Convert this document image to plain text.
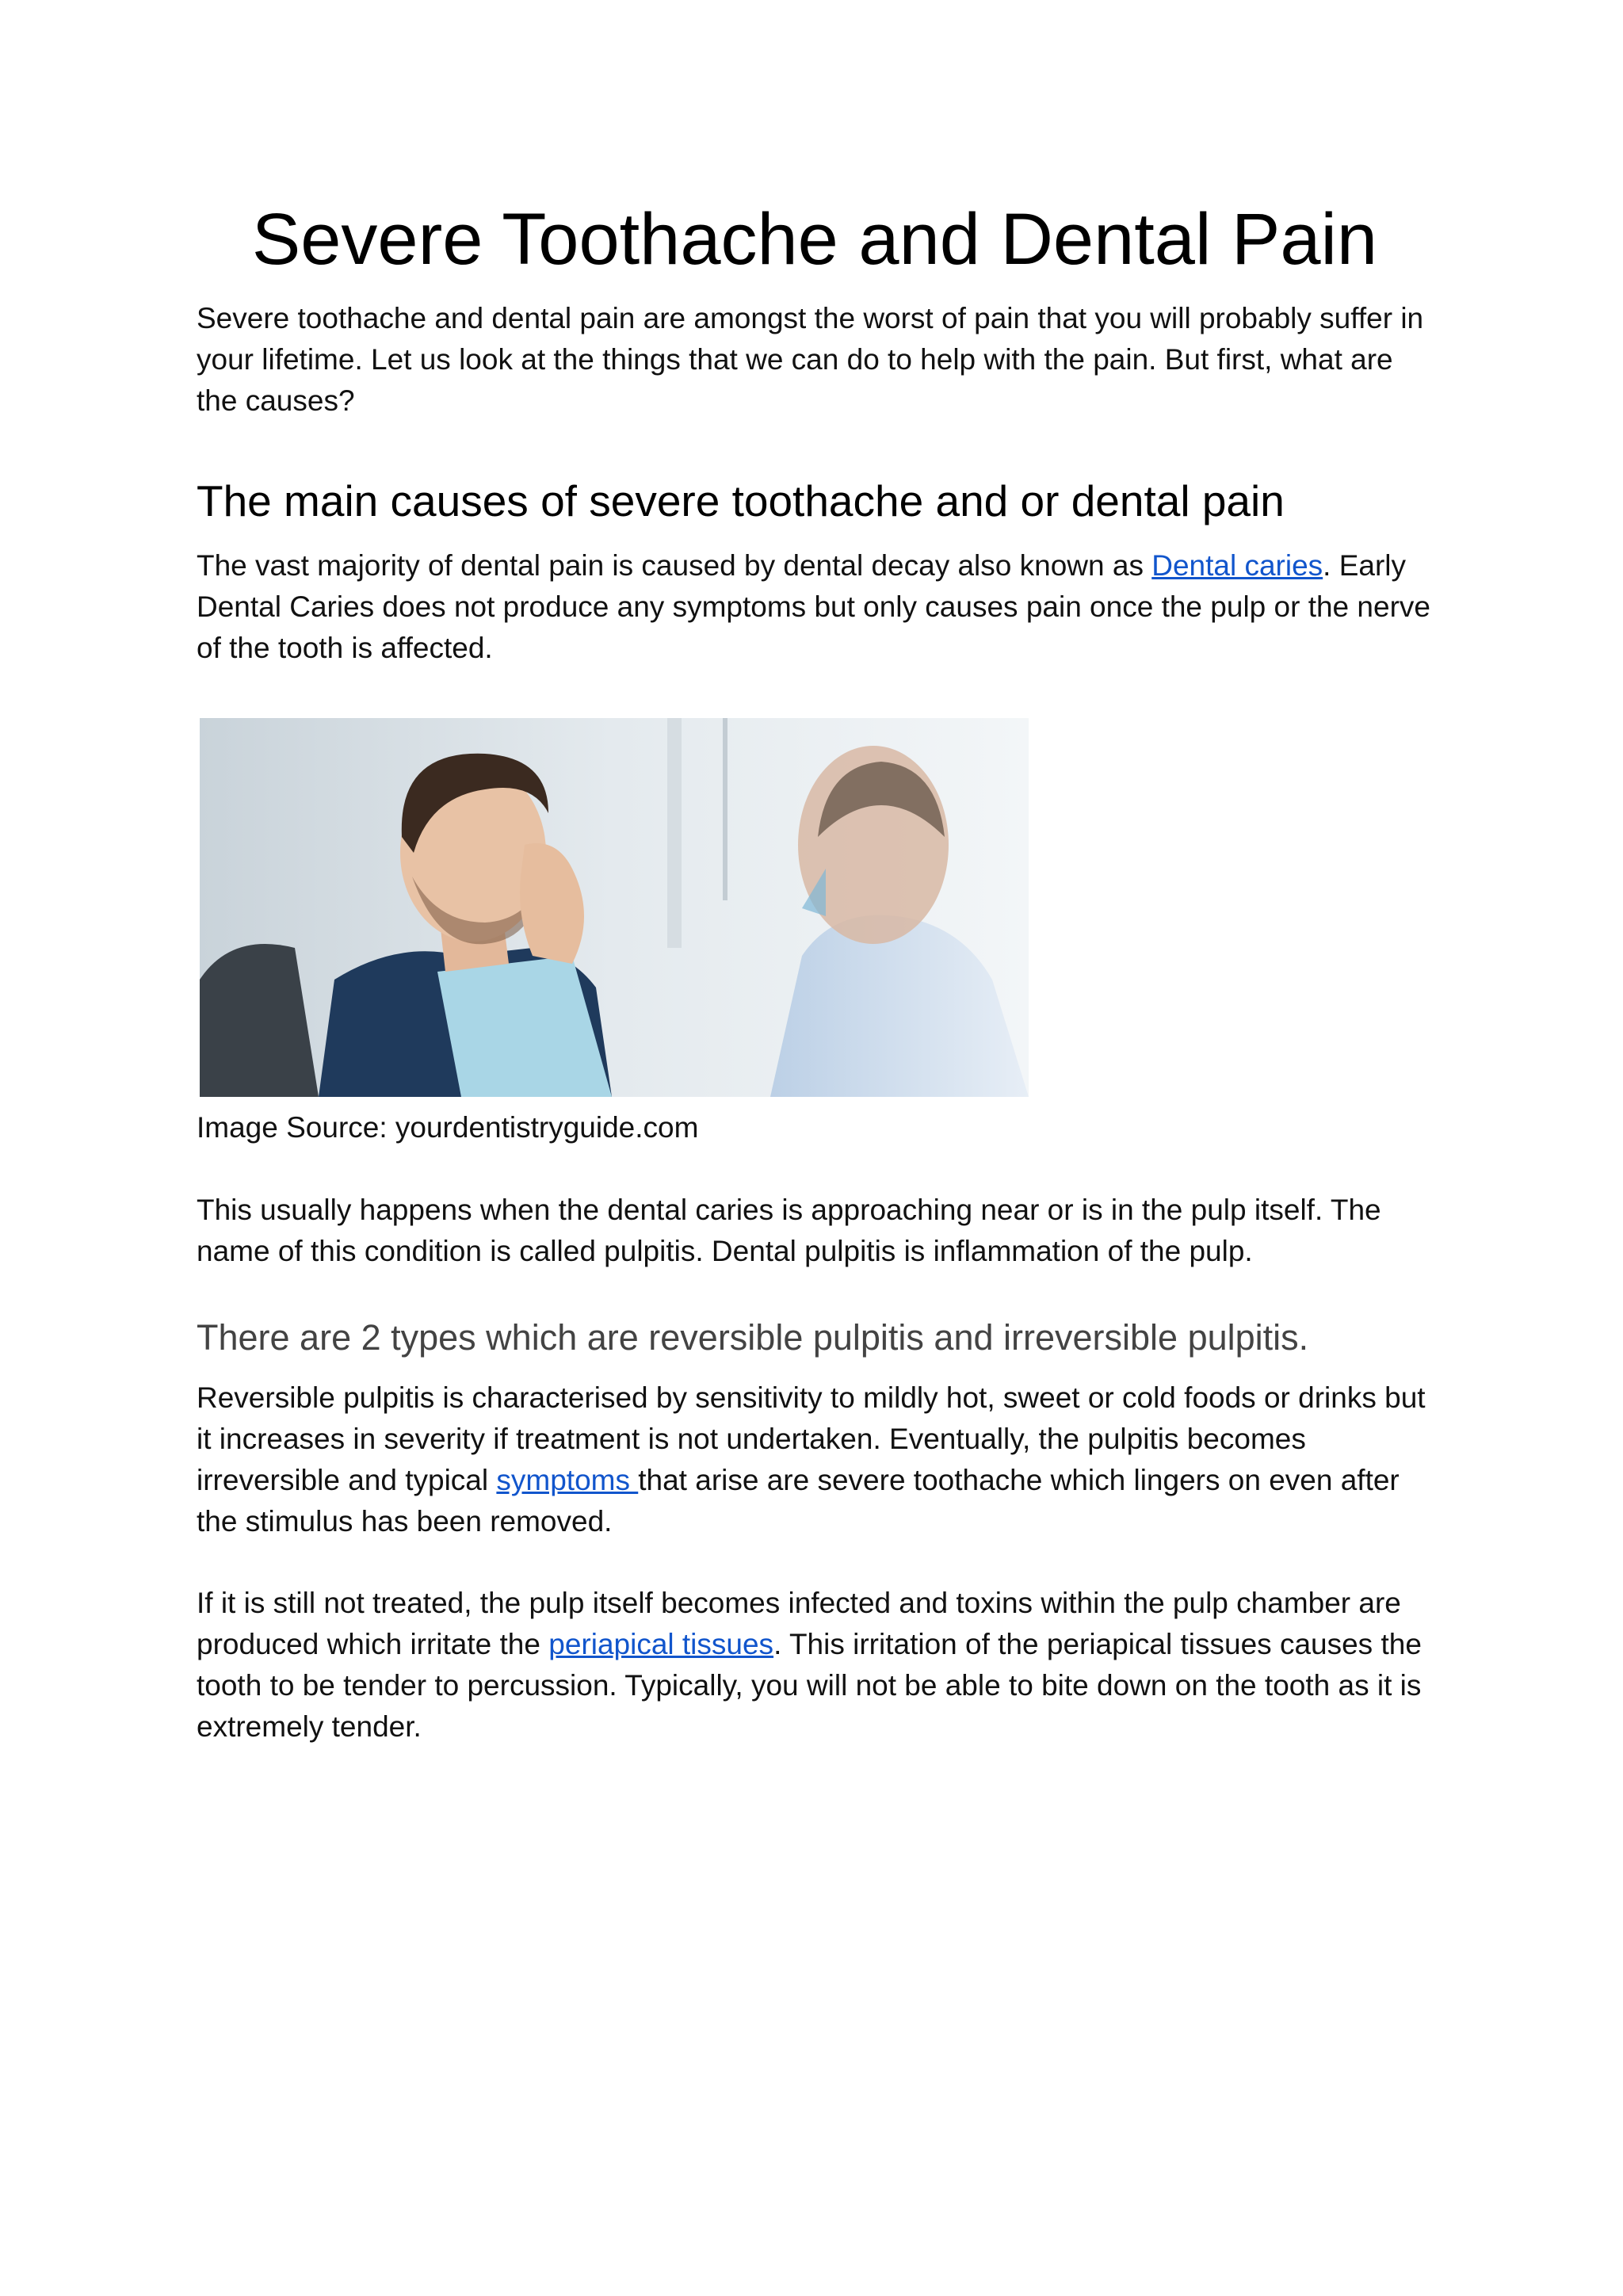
Severe Toothache and Dental Pain

Severe toothache and dental pain are amongst the worst of pain that you will probably suffer in your lifetime. Let us look at the things that we can do to help with the pain. But first, what are the causes?

The main causes of severe toothache and or dental pain

The vast majority of dental pain is caused by dental decay also known as Dental caries. Early Dental Caries does not produce any symptoms but only causes pain once the pulp or the nerve of the tooth is affected.

Image Source: yourdentistryguide.com

This usually happens when the dental caries is approaching near or is in the pulp itself. The name of this condition is called pulpitis. Dental pulpitis is inflammation of the pulp.

There are 2 types which are reversible pulpitis and irreversible pulpitis.

Reversible pulpitis is characterised by sensitivity to mildly hot, sweet or cold foods or drinks but it increases in severity if treatment is not undertaken. Eventually, the pulpitis becomes irreversible and typical symptoms that arise are severe toothache which lingers on even after the stimulus has been removed.

If it is still not treated, the pulp itself becomes infected and toxins within the pulp chamber are produced which irritate the periapical tissues. This irritation of the periapical tissues causes the tooth to be tender to percussion. Typically, you will not be able to bite down on the tooth as it is extremely tender.
